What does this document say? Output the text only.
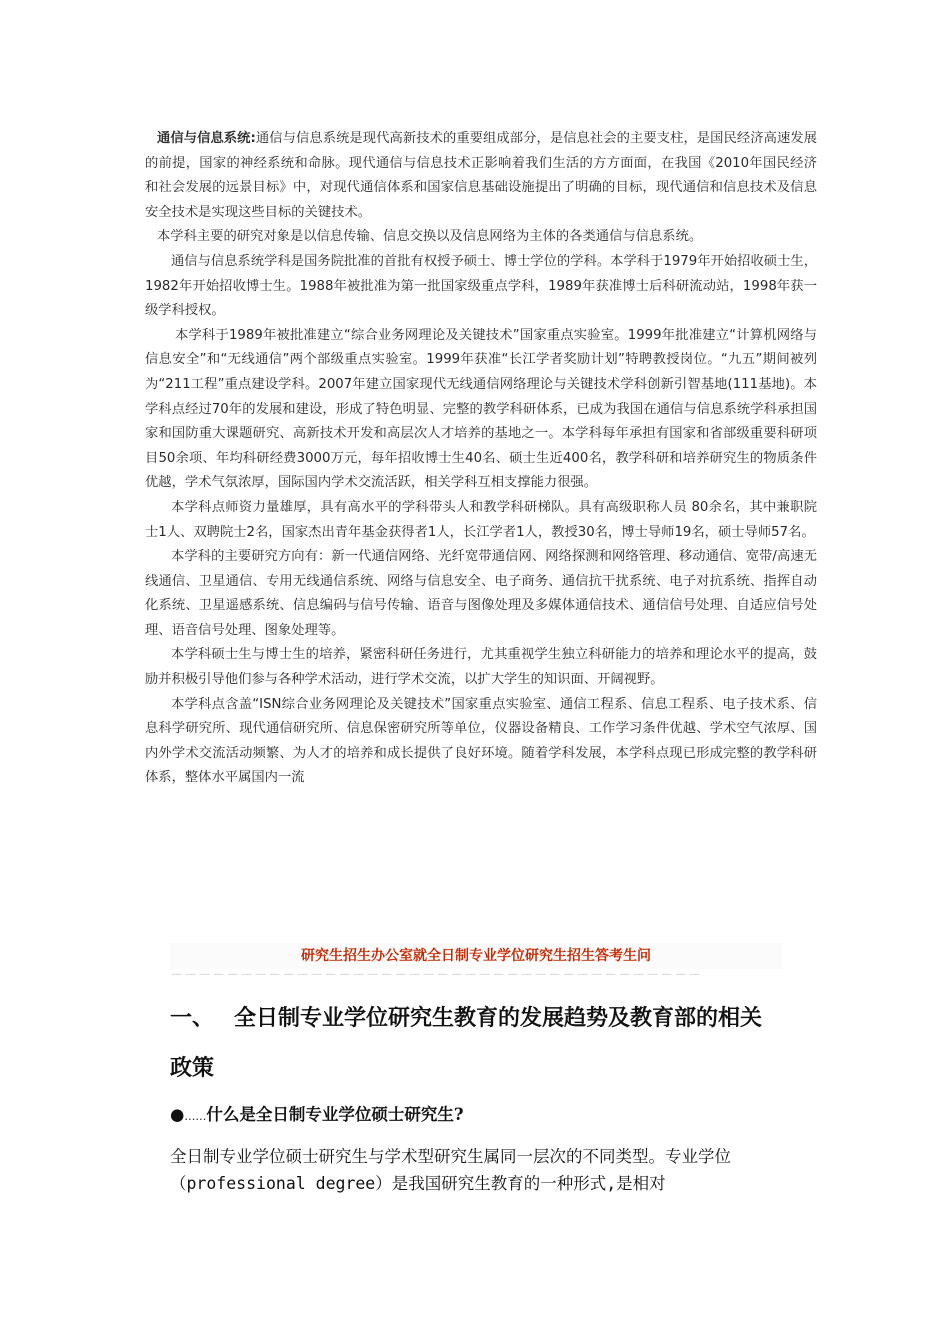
通信与信息系统:通信与信息系统是现代高新技术的重要组成部分，是信息社会的主要支柱，是国民经济高速发展的前提，国家的神经系统和命脉。现代通信与信息技术正影响着我们生活的方方面面，在我国《2010年国民经济和社会发展的远景目标》中，对现代通信体系和国家信息基础设施提出了明确的目标，现代通信和信息技术及信息安全技术是实现这些目标的关键技术。

本学科主要的研究对象是以信息传输、信息交换以及信息网络为主体的各类通信与信息系统。

通信与信息系统学科是国务院批准的首批有权授予硕士、博士学位的学科。本学科于1979年开始招收硕士生，1982年开始招收博士生。1988年被批准为第一批国家级重点学科，1989年获准博士后科研流动站，1998年获一级学科授权。

本学科于1989年被批准建立“综合业务网理论及关键技术”国家重点实验室。1999年批准建立“计算机网络与信息安全”和“无线通信”两个部级重点实验室。1999年获准“长江学者奖励计划”特聘教授岗位。“九五”期间被列为“211工程”重点建设学科。2007年建立国家现代无线通信网络理论与关键技术学科创新引智基地(111基地)。本学科点经过70年的发展和建设，形成了特色明显、完整的教学科研体系，已成为我国在通信与信息系统学科承担国家和国防重大课题研究、高新技术开发和高层次人才培养的基地之一。本学科每年承担有国家和省部级重要科研项目50余项、年均科研经费3000万元，每年招收博士生40名、硕士生近400名，教学科研和培养研究生的物质条件优越，学术气氛浓厚，国际国内学术交流活跃，相关学科互相支撑能力很强。

本学科点师资力量雄厚，具有高水平的学科带头人和教学科研梯队。具有高级职称人员 80余名，其中兼职院士1人、双聘院士2名，国家杰出青年基金获得者1人，长江学者1人，教授30名，博士导师19名，硕士导师57名。

本学科的主要研究方向有：新一代通信网络、光纤宽带通信网、网络探测和网络管理、移动通信、宽带/高速无线通信、卫星通信、专用无线通信系统、网络与信息安全、电子商务、通信抗干扰系统、电子对抗系统、指挥自动化系统、卫星遥感系统、信息编码与信号传输、语音与图像处理及多媒体通信技术、通信信号处理、自适应信号处理、语音信号处理、图象处理等。

本学科硕士生与博士生的培养，紧密科研任务进行，尤其重视学生独立科研能力的培养和理论水平的提高，鼓励并积极引导他们参与各种学术活动，进行学术交流，以扩大学生的知识面、开阔视野。

本学科点含盖“ISN综合业务网理论及关键技术”国家重点实验室、通信工程系、信息工程系、电子技术系、信息科学研究所、现代通信研究所、信息保密研究所等单位，仪器设备精良、工作学习条件优越、学术空气浓厚、国内外学术交流活动频繁、为人才的培养和成长提供了良好环境。随着学科发展，本学科点现已形成完整的教学科研体系，整体水平属国内一流

研究生招生办公室就全日制专业学位研究生招生答考生问
－－－－－－－－－－－－－－－－－－－－－－－－－－－－－－－－－－－－－－
一、 全日制专业学位研究生教育的发展趋势及教育部的相关政策
●……什么是全日制专业学位硕士研究生?
全日制专业学位硕士研究生与学术型研究生属同一层次的不同类型。专业学位（professional degree）是我国研究生教育的一种形式,是相对
